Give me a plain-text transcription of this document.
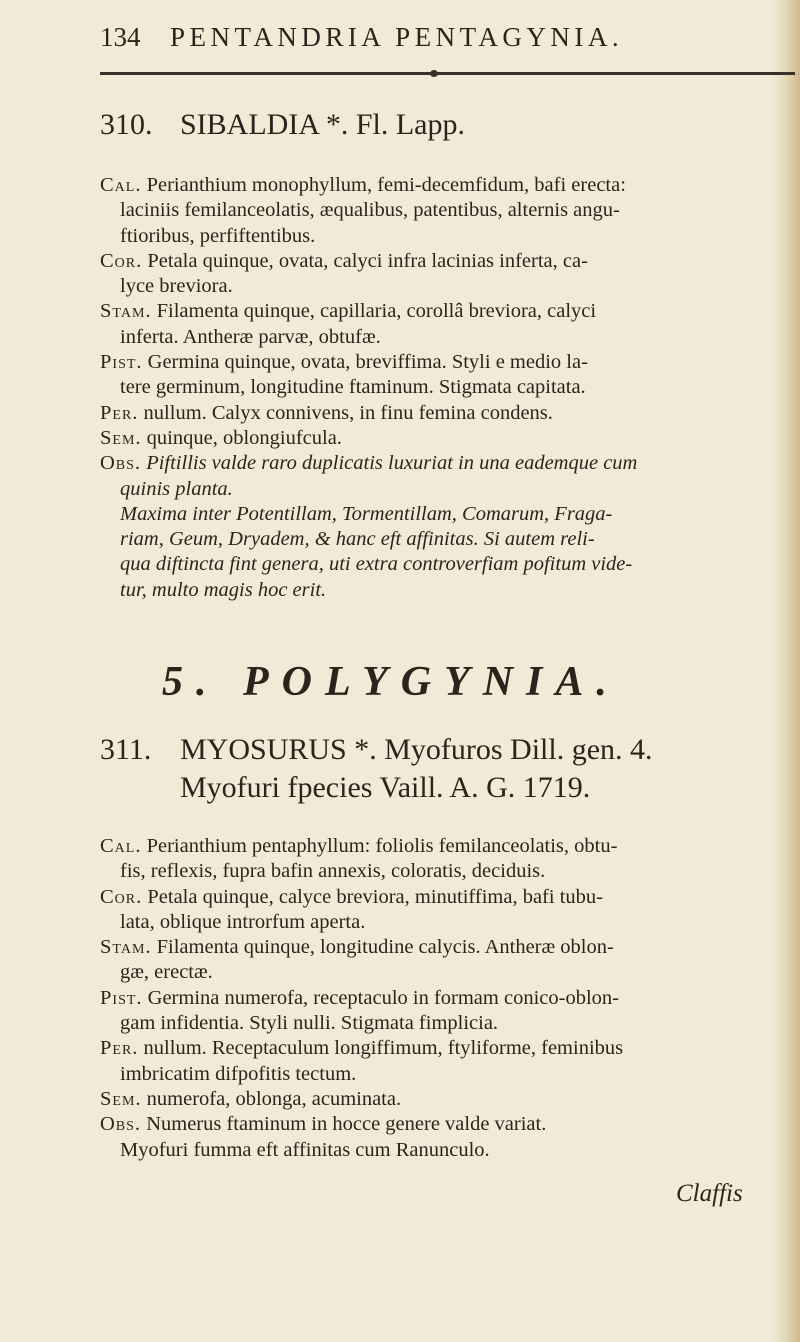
134 PENTANDRIA PENTAGYNIA.
310. SIBALDIA *. Fl. Lapp.
Cal. Perianthium monophyllum, femi-decemfidum, bafi erecta:
laciniis femilanceolatis, æqualibus, patentibus, alternis angu-
ftioribus, perfiftentibus.
Cor. Petala quinque, ovata, calyci infra lacinias inferta, ca-
lyce breviora.
Stam. Filamenta quinque, capillaria, corollâ breviora, calyci
inferta. Antheræ parvæ, obtufæ.
Pist. Germina quinque, ovata, breviffima. Styli e medio la-
tere germinum, longitudine ftaminum. Stigmata capitata.
Per. nullum. Calyx connivens, in finu femina condens.
Sem. quinque, oblongiufcula.
Obs. Piftillis valde raro duplicatis luxuriat in una eademque cum
quinis planta.
Maxima inter Potentillam, Tormentillam, Comarum, Fraga-
riam, Geum, Dryadem, & hanc eft affinitas. Si autem reli-
qua diftincta fint genera, uti extra controverfiam pofitum vide-
tur, multo magis hoc erit.
5. POLYGYNIA.
311. MYOSURUS *. Myofuros Dill. gen. 4.
Myofuri fpecies Vaill. A. G. 1719.
Cal. Perianthium pentaphyllum: foliolis femilanceolatis, obtu-
fis, reflexis, fupra bafin annexis, coloratis, deciduis.
Cor. Petala quinque, calyce breviora, minutiffima, bafi tubu-
lata, oblique introrfum aperta.
Stam. Filamenta quinque, longitudine calycis. Antheræ oblon-
gæ, erectæ.
Pist. Germina numerofa, receptaculo in formam conico-oblon-
gam infidentia. Styli nulli. Stigmata fimplicia.
Per. nullum. Receptaculum longiffimum, ftyliforme, feminibus
imbricatim difpofitis tectum.
Sem. numerofa, oblonga, acuminata.
Obs. Numerus ftaminum in hocce genere valde variat.
Myofuri fumma eft affinitas cum Ranunculo.
Claffis
